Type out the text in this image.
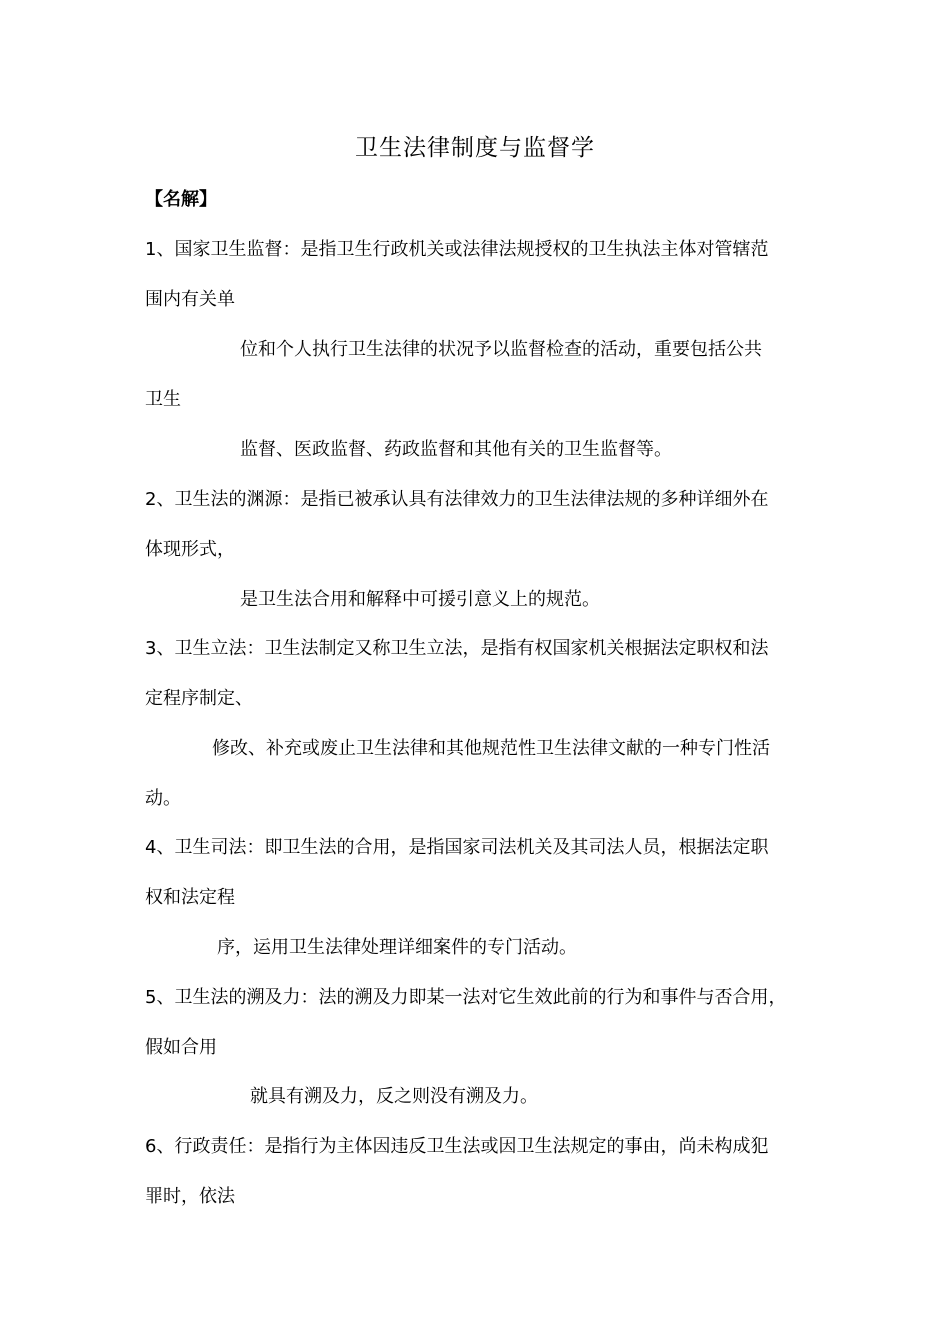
卫生法律制度与监督学
【名解】
1、国家卫生监督：是指卫生行政机关或法律法规授权的卫生执法主体对管辖范
围内有关单
位和个人执行卫生法律的状况予以监督检查的活动，重要包括公共
卫生
监督、医政监督、药政监督和其他有关的卫生监督等。
2、卫生法的渊源：是指已被承认具有法律效力的卫生法律法规的多种详细外在
体现形式，
是卫生法合用和解释中可援引意义上的规范。
3、卫生立法：卫生法制定又称卫生立法，是指有权国家机关根据法定职权和法
定程序制定、
修改、补充或废止卫生法律和其他规范性卫生法律文献的一种专门性活
动。
4、卫生司法：即卫生法的合用，是指国家司法机关及其司法人员，根据法定职
权和法定程
序，运用卫生法律处理详细案件的专门活动。
5、卫生法的溯及力：法的溯及力即某一法对它生效此前的行为和事件与否合用，
假如合用
就具有溯及力，反之则没有溯及力。
6、行政责任：是指行为主体因违反卫生法或因卫生法规定的事由，尚未构成犯
罪时，依法
